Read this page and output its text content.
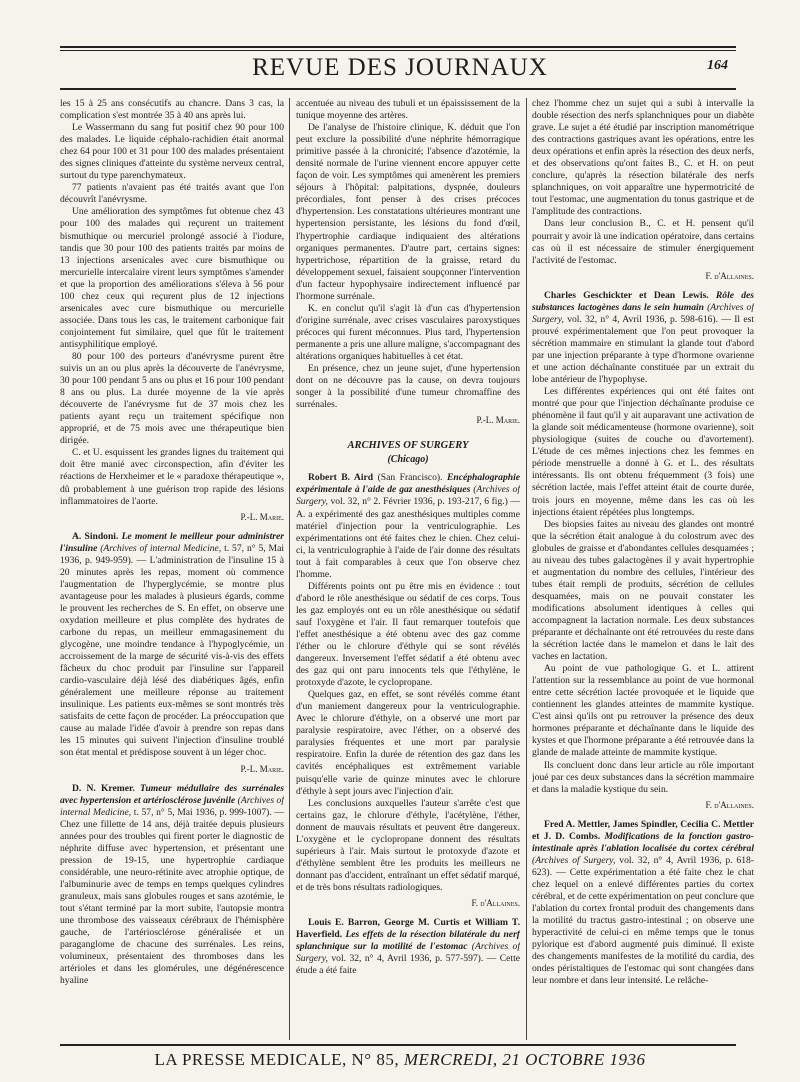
REVUE DES JOURNAUX	164

les 15 à 25 ans consécutifs au chancre. Dans 3 cas, la complication s'est montrée 35 à 40 ans après lui.

Le Wassermann du sang fut positif chez 90 pour 100 des malades. Le liquide céphalo-rachidien était anormal chez 64 pour 100 et 31 pour 100 des malades présentaient des signes cliniques d'atteinte du système nerveux central, surtout du type parenchymateux.

77 patients n'avaient pas été traités avant que l'on découvrît l'anévrysme.

Une amélioration des symptômes fut obtenue chez 43 pour 100 des malades qui reçurent un traitement bismuthique ou mercuriel prolongé associé à l'iodure, tandis que 30 pour 100 des patients traités par moins de 13 injections arsenicales avec cure bismuthique ou mercurielle intercalaire virent leurs symptômes s'amender et que la proportion des améliorations s'éleva à 56 pour 100 chez ceux qui reçurent plus de 12 injections arsenicales avec cure bismuthique ou mercurielle associée. Dans tous les cas, le traitement carbonique fait conjointement fut similaire, quel que fût le traitement antisyphilitique employé.

80 pour 100 des porteurs d'anévrysme purent être suivis un an ou plus après la découverte de l'anévrysme, 30 pour 100 pendant 5 ans ou plus et 16 pour 100 pendant 8 ans ou plus. La durée moyenne de la vie après découverte de l'anévrysme fut de 37 mois chez les patients ayant reçu un traitement spécifique non approprié, et de 75 mois avec une thérapeutique bien dirigée.

C. et U. esquissent les grandes lignes du traitement qui doit être manié avec circonspection, afin d'éviter les réactions de Herxheimer et le « paradoxe thérapeutique », dû probablement à une guérison trop rapide des lésions inflammatoires de l'aorte.

P.-L. Marie.

A. Sindoni. Le moment le meilleur pour administrer l'insuline (Archives of internal Medicine, t. 57, n° 5, Mai 1936, p. 949-959). — L'administration de l'insuline 15 à 20 minutes après les repas, moment où commence l'augmentation de l'hyperglycémie, se montre plus avantageuse pour les malades à plusieurs égards, comme le prouvent les recherches de S. En effet, on observe une oxydation meilleure et plus complète des hydrates de carbone du repas, un meilleur emmagasinement du glycogène, une moindre tendance à l'hypoglycémie, un accroissement de la marge de sécurité vis-à-vis des effets fâcheux du choc produit par l'insuline sur l'appareil cardio-vasculaire déjà lésé des diabétiques âgés, enfin généralement une meilleure réponse au traitement insulinique. Les patients eux-mêmes se sont montrés très satisfaits de cette façon de procéder. La préoccupation que cause au malade l'idée d'avoir à prendre son repas dans les 15 minutes qui suivent l'injection d'insuline troublé son état mental et prédispose souvent à un léger choc.

P.-L. Marie.

D. N. Kremer. Tumeur médullaire des surrénales avec hypertension et artériosclérose juvénile (Archives of internal Medicine, t. 57, n° 5, Mai 1936, p. 999-1007). — Chez une fillette de 14 ans, déjà traitée depuis plusieurs années pour des troubles qui firent porter le diagnostic de néphrite diffuse avec hypertension, et présentant une pression de 19-15, une hypertrophie cardiaque considérable, une neuro-rétinite avec atrophie optique, de l'albuminurie avec de temps en temps quelques cylindres granuleux, mais sans globules rouges et sans azotémie, le tout s'étant terminé par la mort subite, l'autopsie montra une thrombose des vaisseaux cérébraux de l'hémisphère gauche, de l'artériosclérose généralisée et un paraganglome de chacune des surrénales. Les reins, volumineux, présentaient des thromboses dans les artérioles et dans les glomérules, une dégénérescence hyaline

accentuée au niveau des tubuli et un épaississement de la tunique moyenne des artères.

De l'analyse de l'histoire clinique, K. déduit que l'on peut exclure la possibilité d'une néphrite hémorragique primitive passée à la chronicité; l'absence d'azotémie, la densité normale de l'urine viennent encore appuyer cette façon de voir. Les symptômes qui amenèrent les premiers séjours à l'hôpital: palpitations, dyspnée, douleurs précordiales, font penser à des crises précoces d'hypertension. Les constatations ultérieures montrant une hypertension persistante, les lésions du fond d'œil, l'hypertrophie cardiaque indiquaient des altérations organiques permanentes. D'autre part, certains signes: hypertrichose, répartition de la graisse, retard du développement sexuel, faisaient soupçonner l'intervention d'un facteur hypophysaire indirectement influencé par l'hormone surrénale.

K. en conclut qu'il s'agit là d'un cas d'hypertension d'origine surrénale, avec crises vasculaires paroxystiques précoces qui furent méconnues. Plus tard, l'hypertension permanente a pris une allure maligne, s'accompagnant des altérations organiques habituelles à cet état.

En présence, chez un jeune sujet, d'une hypertension dont on ne découvre pas la cause, on devra toujours songer à la possibilité d'une tumeur chromaffine des surrénales.

P.-L. Marie.
ARCHIVES OF SURGERY
(Chicago)

Robert B. Aird (San Francisco). Encéphalographie expérimentale à l'aide de gaz anesthésiques (Archives of Surgery, vol. 32, n° 2. Février 1936, p. 193-217, 6 fig.) — A. a expérimenté des gaz anesthésiques multiples comme matériel d'injection pour la ventriculographie. Les expérimentations ont été faites chez le chien. Chez celui-ci, la ventriculographie à l'aide de l'air donne des résultats tout à fait comparables à ceux que l'on observe chez l'homme.

Différents points ont pu être mis en évidence : tout d'abord le rôle anesthésique ou sédatif de ces corps. Tous les gaz employés ont eu un rôle anesthésique ou sédatif sauf l'oxygène et l'air. Il faut remarquer toutefois que l'effet anesthésique a été obtenu avec des gaz comme l'éther ou le chlorure d'éthyle qui se sont révélés dangereux. Inversement l'effet sédatif a été obtenu avec des gaz qui ont paru innocents tels que l'éthylène, le protoxyde d'azote, le cyclopropane.

Quelques gaz, en effet, se sont révélés comme étant d'un maniement dangereux pour la ventriculographie. Avec le chlorure d'éthyle, on a observé une mort par paralysie respiratoire, avec l'éther, on a observé des paralysies fréquentes et une mort par paralysie respiratoire. Enfin la durée de rétention des gaz dans les cavités encéphaliques est extrêmement variable puisqu'elle varie de quinze minutes avec le chlorure d'éthyle à sept jours avec l'injection d'air.

Les conclusions auxquelles l'auteur s'arrête c'est que certains gaz, le chlorure d'éthyle, l'acétylène, l'éther, donnent de mauvais résultats et peuvent être dangereux. L'oxygène et le cyclopropane donnent des résultats supérieurs à l'air. Mais surtout le protoxyde d'azote et d'éthylène semblent être les produits les meilleurs ne donnant pas d'accident, entraînant un effet sédatif marqué, et de très bons résultats radiologiques.

F. d'Allaines.

Louis E. Barron, George M. Curtis et William T. Haverfield. Les effets de la résection bilatérale du nerf splanchnique sur la motilité de l'estomac (Archives of Surgery, vol. 32, n° 4, Avril 1936, p. 577-597). — Cette étude a été faite

chez l'homme chez un sujet qui a subi à intervalle la double résection des nerfs splanchniques pour un diabète grave. Le sujet a été étudié par inscription manométrique des contractions gastriques avant les opérations, entre les deux opérations et enfin après la résection des deux nerfs, et des observations qu'ont faites B., C. et H. on peut conclure, qu'après la résection bilatérale des nerfs splanchniques, on voit apparaître une hypermotricité de tout l'estomac, une augmentation du tonus gastrique et de l'amplitude des contractions.

Dans leur conclusion B., C. et H. pensent qu'il pourrait y avoir là une indication opératoire, dans certains cas où il est nécessaire de stimuler énergiquement l'activité de l'estomac.

F. d'Allaines.

Charles Geschickter et Dean Lewis. Rôle des substances lactogènes dans le sein humain (Archives of Surgery, vol. 32, n° 4, Avril 1936, p. 598-616). — Il est prouvé expérimentalement que l'on peut provoquer la sécrétion mammaire en stimulant la glande tout d'abord par une injection préparante à type d'hormone ovarienne et une action déchaînante constituée par un extrait du lobe antérieur de l'hypophyse.

Les différentes expériences qui ont été faites ont montré que pour que l'injection déchaînante produise ce phénomène il faut qu'il y ait auparavant une activation de la glande soit médicamenteuse (hormone ovarienne), soit physiologique (suites de couche ou d'avortement). L'étude de ces mêmes injections chez les femmes en période menstruelle a donné à G. et L. des résultats intéressants. Ils ont obtenu fréquemment (3 fois) une sécrétion lactée, mais l'effet atteint était de courte durée, trois jours en moyenne, même dans les cas où les injections étaient répétées plus longtemps.

Des biopsies faites au niveau des glandes ont montré que la sécrétion était analogue à du colostrum avec des globules de graisse et d'abondantes cellules desquamées ; au niveau des tubes galactogènes il y avait hypertrophie et augmentation du nombre des cellules, l'intérieur des tubes était rempli de produits, sécrétion de cellules desquamées, mais on ne pouvait constater les modifications absolument identiques à celles qui accompagnent la lactation normale. Les deux substances préparante et déchaînante ont été retrouvées du reste dans la sécrétion lactée dans le mamelon et dans le lait des vaches en lactation.

Au point de vue pathologique G. et L. attirent l'attention sur la ressemblance au point de vue hormonal entre cette sécrétion lactée provoquée et le liquide que contiennent les glandes atteintes de mammite kystique. C'est ainsi qu'ils ont pu retrouver la présence des deux hormones préparante et déchaînante dans le liquide des kystes et que l'hormone préparante a été retrouvée dans la glande de malade atteinte de mammite kystique.

Ils concluent donc dans leur article au rôle important joué par ces deux substances dans la sécrétion mammaire et dans la maladie kystique du sein.

F. d'Allaines.

Fred A. Mettler, James Spindler, Cecilia C. Mettler et J. D. Combs. Modifications de la fonction gastro-intestinale après l'ablation localisée du cortex cérébral (Archives of Surgery, vol. 32, n° 4, Avril 1936, p. 618-623). — Cette expérimentation a été faite chez le chat chez lequel on a enlevé différentes parties du cortex cérébral, et de cette expérimentation on peut conclure que l'ablation du cortex frontal produit des changements dans la motilité du tractus gastro-intestinal ; on observe une hyperactivité de celui-ci en même temps que le tonus pylorique est d'abord augmenté puis diminué. Il existe des changements manifestes de la motilité du cardia, des ondes péristaltiques de l'estomac qui sont changées dans leur nombre et dans leur intensité. Le relâche-

LA PRESSE MEDICALE, N° 85, MERCREDI, 21 OCTOBRE 1936
